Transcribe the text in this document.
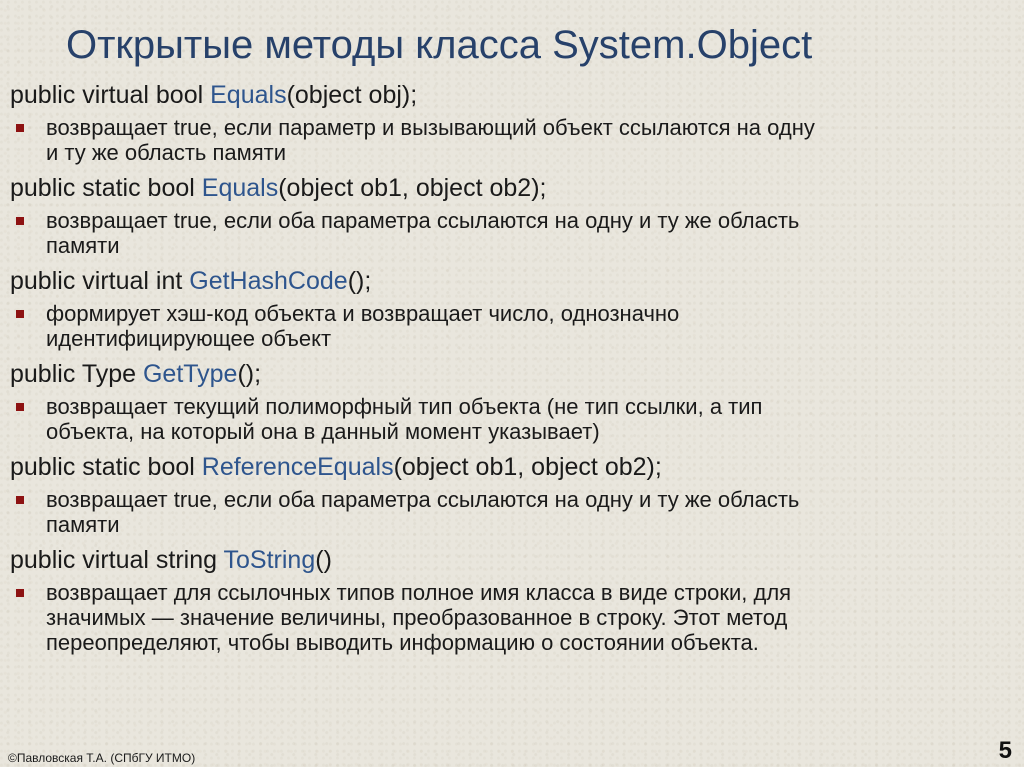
Открытые методы класса System.Object

public virtual bool Equals(object obj);

возвращает true, если параметр и вызывающий объект ссылаются на одну
и ту же область памяти

public static bool Equals(object ob1, object ob2);

возвращает true, если оба параметра ссылаются на одну и ту же область
памяти

public virtual int GetHashCode();

формирует хэш-код объекта и возвращает число, однозначно
идентифицирующее объект

public Type GetType();

возвращает текущий полиморфный тип объекта (не тип ссылки, а тип
объекта, на который она в данный момент указывает)

public static bool ReferenceEquals(object ob1, object ob2);

возвращает true, если оба параметра ссылаются на одну и ту же область
памяти

public virtual string ToString()

возвращает для ссылочных типов полное имя класса в виде строки, для
значимых — значение величины, преобразованное в строку. Этот метод
переопределяют, чтобы выводить информацию о состоянии объекта.
©Павловская Т.А. (СПбГУ ИТМО)	5
